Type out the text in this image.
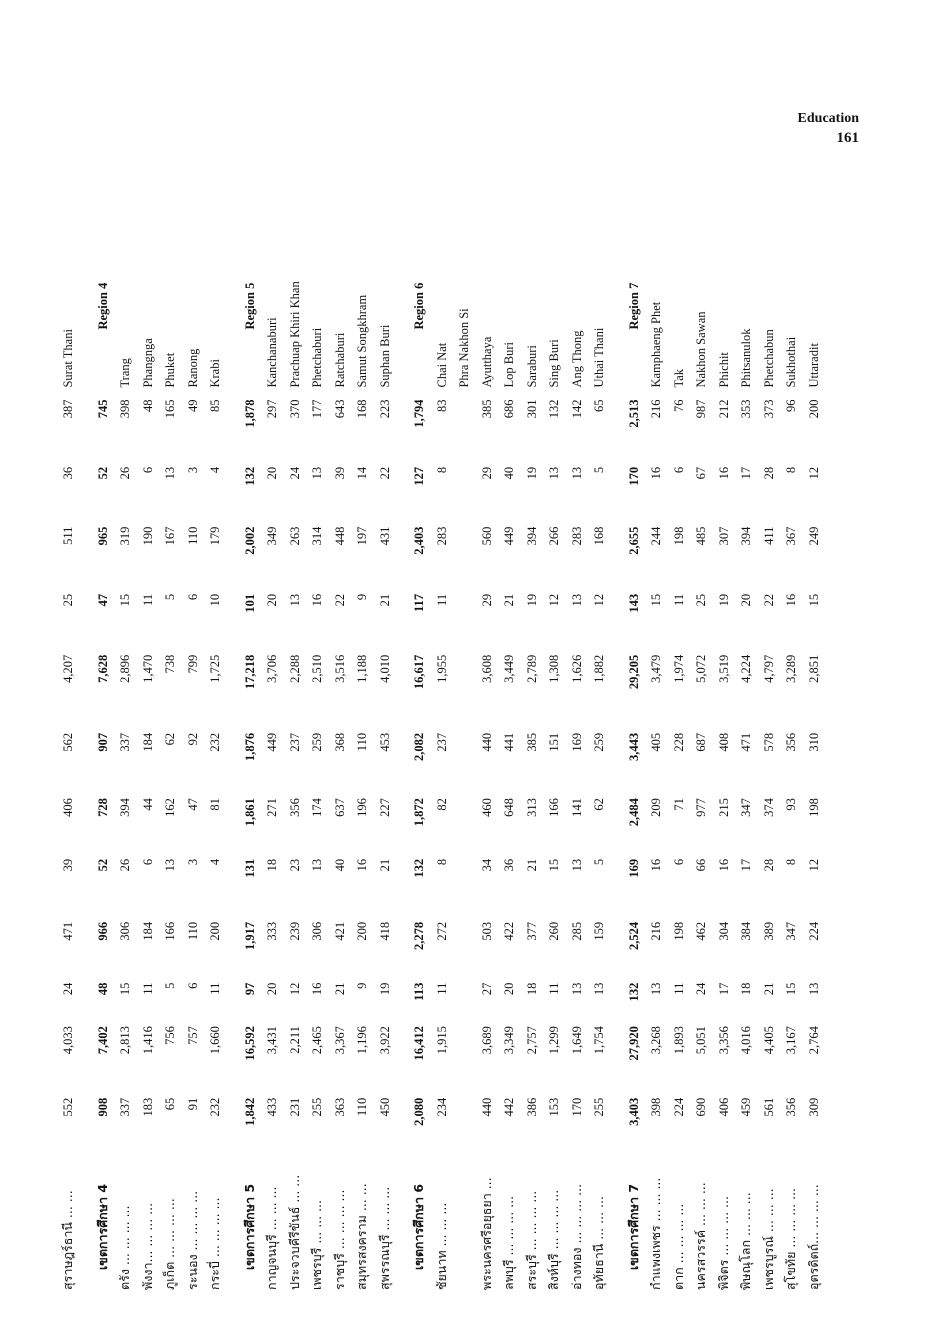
Education
161
สุราษฎร์ธานี ... ...	552	4,033	24	471	39	406	562	4,207	25	511	36	387	Surat Thani

เขตการศึกษา 4	908	7,402	48	966	52	728	907	7,628	47	965	52	745	Region 4
ตรัง ... ... ... ...	337	2,813	15	306	26	394	337	2,896	15	319	26	398	Trang
พังงา... ... ... ...	183	1,416	11	184	6	44	184	1,470	11	190	6	48	Phangnga
ภูเก็ต ... ... ... ...	65	756	5	166	13	162	62	738	5	167	13	165	Phuket
ระนอง ... ... ... ...	91	757	6	110	3	47	92	799	6	110	3	49	Ranong
กระบี่ ... ... ... ...	232	1,660	11	200	4	81	232	1,725	10	179	4	85	Krabi

เขตการศึกษา 5	1,842	16,592	97	1,917	131	1,861	1,876	17,218	101	2,002	132	1,878	Region 5
กาญจนบุรี ... ... ...	433	3,431	20	333	18	271	449	3,706	20	349	20	297	Kanchanaburi
ประจวบคีรีขันธ์ ... ...	231	2,211	12	239	23	356	237	2,288	13	263	24	370	Prachuap Khiri Khan
เพชรบุรี ... ... ...	255	2,465	16	306	13	174	259	2,510	16	314	13	177	Phetchaburi
ราชบุรี ... ... ... ...	363	3,367	21	421	40	637	368	3,516	22	448	39	643	Ratchaburi
สมุทรสงคราม ... ...	110	1,196	9	200	16	196	110	1,188	9	197	14	168	Samut Songkhram
สุพรรณบุรี ... ... ...	450	3,922	19	418	21	227	453	4,010	21	431	22	223	Suphan Buri

เขตการศึกษา 6	2,080	16,412	113	2,278	132	1,872	2,082	16,617	117	2,403	127	1,794	Region 6
ชัยนาท ... ... ...	234	1,915	11	272	8	82	237	1,955	11	283	8	83	Chai Nat
													Phra Nakhon Si
พระนครศรีอยุธยา ...	440	3,689	27	503	34	460	440	3,608	29	560	29	385	Ayutthaya
ลพบุรี ... ... ... ...	442	3,349	20	422	36	648	441	3,449	21	449	40	686	Lop Buri
สระบุรี ... ... ... ...	386	2,757	18	377	21	313	385	2,789	19	394	19	301	Saraburi
สิงห์บุรี ... ... ... ...	153	1,299	11	260	15	166	151	1,308	12	266	13	132	Sing Buri
อ่างทอง ... ... ... ...	170	1,649	13	285	13	141	169	1,626	13	283	13	142	Ang Thong
อุทัยธานี ... ... ...	255	1,754	13	159	5	62	259	1,882	12	168	5	65	Uthai Thani

เขตการศึกษา 7	3,403	27,920	132	2,524	169	2,484	3,443	29,205	143	2,655	170	2,513	Region 7
กำแพงเพชร ... ... ...	398	3,268	13	216	16	209	405	3,479	15	244	16	216	Kamphaeng Phet
ตาก ... ... ... ...	224	1,893	11	198	6	71	228	1,974	11	198	6	76	Tak
นครสวรรค์ ... ... ...	690	5,051	24	462	66	977	687	5,072	25	485	67	987	Nakhon Sawan
พิจิตร ... ... ... ...	406	3,356	17	304	16	215	408	3,519	19	307	16	212	Phichit
พิษณุโลก ... ... ...	459	4,016	18	384	17	347	471	4,224	20	394	17	353	Phitsanulok
เพชรบูรณ์ ... ... ...	561	4,405	21	389	28	374	578	4,797	22	411	28	373	Phetchabun
สุโขทัย ... ... ... ...	356	3,167	15	347	8	93	356	3,289	16	367	8	96	Sukhothai
อุตรดิตถ์... ... ... ...	309	2,764	13	224	12	198	310	2,851	15	249	12	200	Uttaradit
